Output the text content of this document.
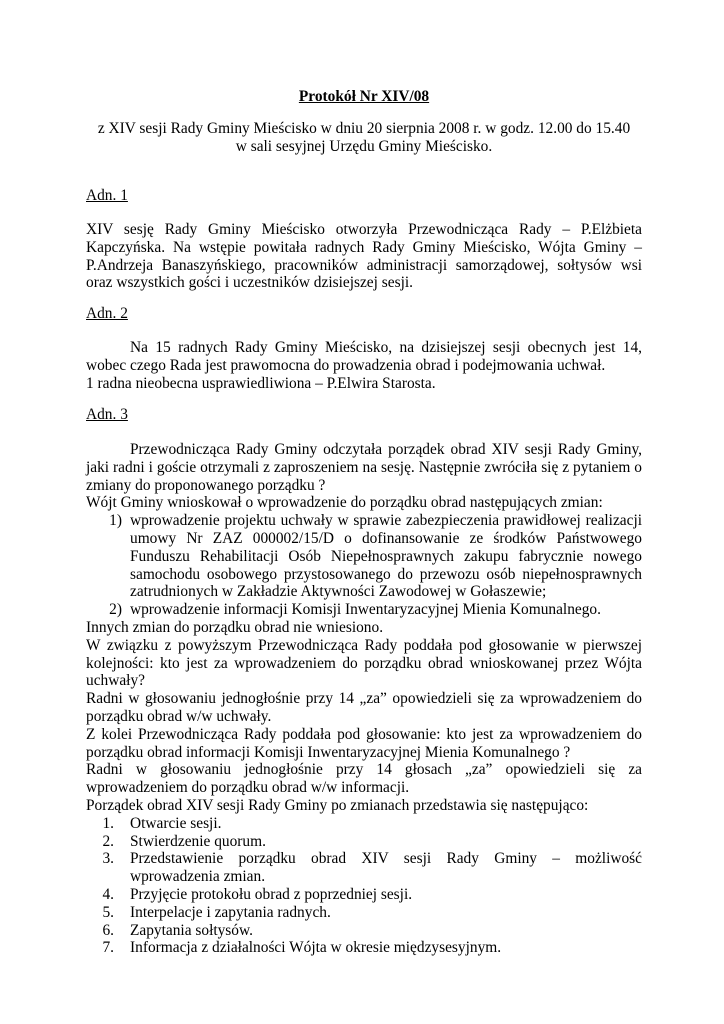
Protokół Nr XIV/08

z XIV sesji Rady Gminy Mieścisko w dniu 20 sierpnia 2008 r. w godz. 12.00 do 15.40

w sali sesyjnej Urzędu Gminy Mieścisko.

Adn. 1

XIV sesję Rady Gminy Mieścisko otworzyła Przewodnicząca Rady – P.Elżbieta Kapczyńska. Na wstępie powitała radnych Rady Gminy Mieścisko, Wójta Gminy – P.Andrzeja Banaszyńskiego, pracowników administracji samorządowej, sołtysów wsi oraz wszystkich gości i uczestników dzisiejszej sesji.

Adn. 2

Na 15 radnych Rady Gminy Mieścisko, na dzisiejszej sesji obecnych jest 14, wobec czego Rada jest prawomocna do prowadzenia obrad i podejmowania uchwał.

1 radna nieobecna usprawiedliwiona – P.Elwira Starosta.

Adn. 3

Przewodnicząca Rady Gminy odczytała porządek obrad XIV sesji Rady Gminy, jaki radni i goście otrzymali z zaproszeniem na sesję. Następnie zwróciła się z pytaniem o zmiany do proponowanego porządku ?

Wójt Gminy wnioskował o wprowadzenie do porządku obrad następujących zmian:

1) wprowadzenie projektu uchwały w sprawie zabezpieczenia prawidłowej realizacji umowy Nr ZAZ 000002/15/D o dofinansowanie ze środków Państwowego Funduszu Rehabilitacji Osób Niepełnosprawnych zakupu fabrycznie nowego samochodu osobowego przystosowanego do przewozu osób niepełnosprawnych zatrudnionych w Zakładzie Aktywności Zawodowej w Gołaszewie;
2) wprowadzenie informacji Komisji Inwentaryzacyjnej Mienia Komunalnego.

Innych zmian do porządku obrad nie wniesiono.

W związku z powyższym Przewodnicząca Rady poddała pod głosowanie w pierwszej kolejności: kto jest za wprowadzeniem do porządku obrad wnioskowanej przez Wójta uchwały?

Radni w głosowaniu jednogłośnie przy 14 „za” opowiedzieli się za wprowadzeniem do porządku obrad w/w uchwały.

Z kolei Przewodnicząca Rady poddała pod głosowanie: kto jest za wprowadzeniem do porządku obrad informacji Komisji Inwentaryzacyjnej Mienia Komunalnego ?

Radni w głosowaniu jednogłośnie przy 14 głosach „za” opowiedzieli się za wprowadzeniem do porządku obrad w/w informacji.

Porządek obrad XIV sesji Rady Gminy po zmianach przedstawia się następująco:

1.	Otwarcie sesji.
2.	Stwierdzenie quorum.
3.	Przedstawienie porządku obrad XIV sesji Rady Gminy – możliwość wprowadzenia zmian.
4.	Przyjęcie protokołu obrad z poprzedniej sesji.
5.	Interpelacje i zapytania radnych.
6.	Zapytania sołtysów.
7.	Informacja z działalności Wójta w okresie międzysesyjnym.
